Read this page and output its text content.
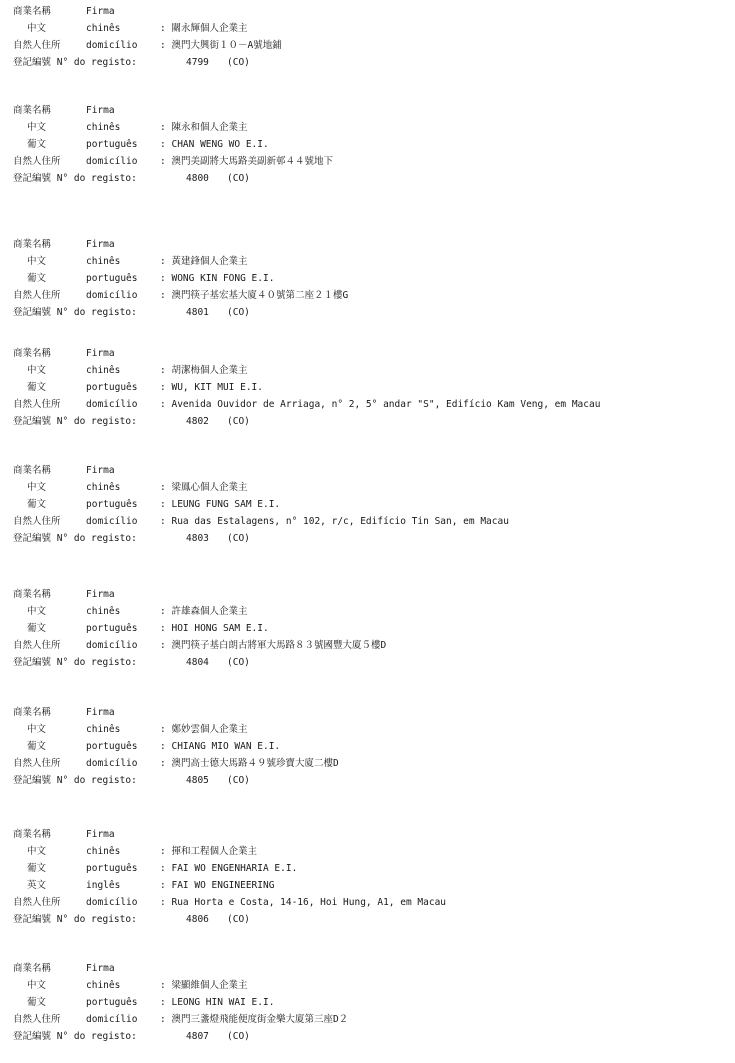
商業名稱	Firma
中文	chinês	: 關永輝個人企業主
自然人住所	domicílio : 澳門大興街１０－A號地鋪
登記編號 N° do registo:	4799 (CO)
商業名稱	Firma
中文	chinês	: 陳永和個人企業主
葡文	português : CHAN WENG WO E.I.
自然人住所	domicílio : 澳門美副將大馬路美副新邨４４號地下
登記編號 N° do registo:	4800 (CO)
商業名稱	Firma
中文	chinês	: 黃建鋒個人企業主
葡文	português : WONG KIN FONG E.I.
自然人住所	domicílio : 澳門筷子基宏基大廈４０號第二座２１樓G
登記編號 N° do registo:	4801 (CO)
商業名稱	Firma
中文	chinês	: 胡潔梅個人企業主
葡文	português : WU, KIT MUI E.I.
自然人住所	domicílio : Avenida Ouvidor de Arriaga, n° 2, 5° andar "S", Edifício Kam Veng, em Macau
登記編號 N° do registo:	4802 (CO)
商業名稱	Firma
中文	chinês	: 梁鳳心個人企業主
葡文	português : LEUNG FUNG SAM E.I.
自然人住所	domicílio : Rua das Estalagens, n° 102, r/c, Edifício Tin San, em Macau
登記編號 N° do registo:	4803 (CO)
商業名稱	Firma
中文	chinês	: 許雄森個人企業主
葡文	português : HOI HONG SAM E.I.
自然人住所	domicílio : 澳門筷子基白朗古將軍大馬路８３號國豐大廈５樓D
登記編號 N° do registo:	4804 (CO)
商業名稱	Firma
中文	chinês	: 鄭妙雲個人企業主
葡文	português : CHIANG MIO WAN E.I.
自然人住所	domicílio : 澳門高士德大馬路４９號珍寶大廈二樓D
登記編號 N° do registo:	4805 (CO)
商業名稱	Firma
中文	chinês	: 揮和工程個人企業主
葡文	português : FAI WO ENGENHARIA E.I.
英文	inglês	: FAI WO ENGINEERING
自然人住所	domicílio : Rua Horta e Costa, 14-16, Hoi Hung, A1, em Macau
登記編號 N° do registo:	4806 (CO)
商業名稱	Firma
中文	chinês	: 梁顯維個人企業主
葡文	português : LEONG HIN WAI E.I.
自然人住所	domicílio : 澳門三盞燈飛能便度街金樂大廈第三座D２
登記編號 N° do registo:	4807 (CO)
